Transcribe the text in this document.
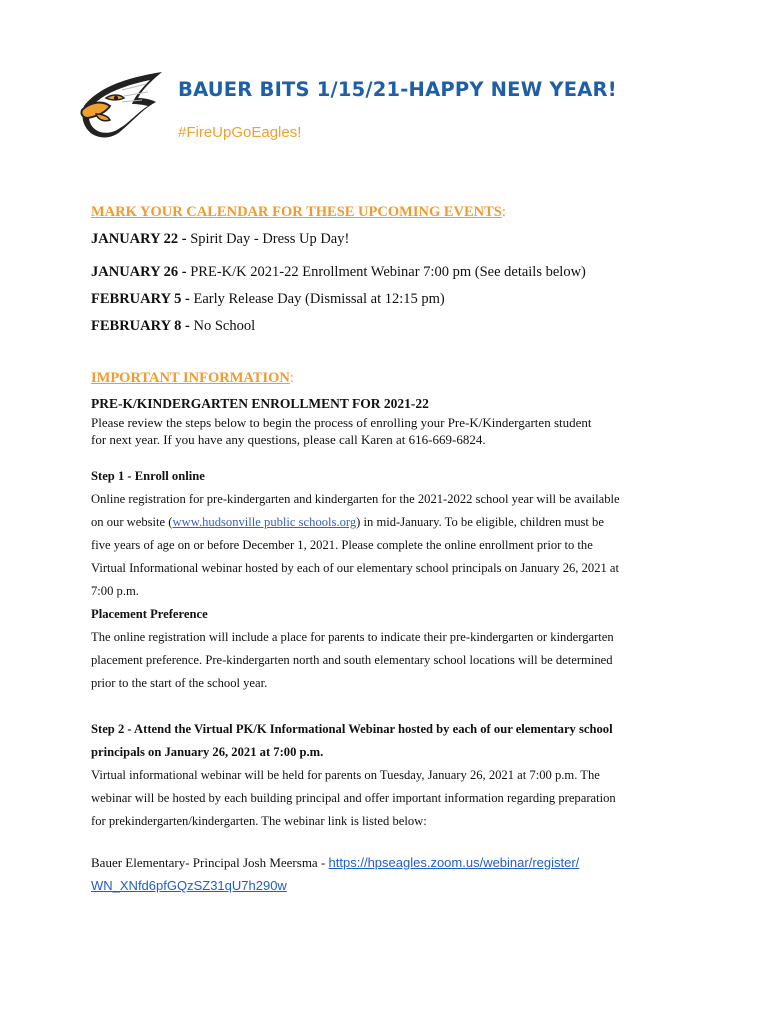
BAUER BITS 1/15/21-HAPPY NEW YEAR!
#FireUpGoEagles!

MARK YOUR CALENDAR FOR THESE UPCOMING EVENTS:

JANUARY 22 - Spirit Day - Dress Up Day!

JANUARY 26 - PRE-K/K 2021-22 Enrollment Webinar 7:00 pm (See details below)

FEBRUARY 5 - Early Release Day (Dismissal at 12:15 pm)

FEBRUARY 8 - No School

IMPORTANT INFORMATION:

PRE-K/KINDERGARTEN ENROLLMENT FOR 2021-22

Please review the steps below to begin the process of enrolling your Pre-K/Kindergarten student

for next year. If you have any questions, please call Karen at 616-669-6824.

Step 1 - Enroll online

Online registration for pre-kindergarten and kindergarten for the 2021-2022 school year will be available

on our website (www.hudsonville public schools.org) in mid-January. To be eligible, children must be

five years of age on or before December 1, 2021. Please complete the online enrollment prior to the

Virtual Informational webinar hosted by each of our elementary school principals on January 26, 2021 at

7:00 p.m.

Placement Preference

The online registration will include a place for parents to indicate their pre-kindergarten or kindergarten

placement preference. Pre-kindergarten north and south elementary school locations will be determined

prior to the start of the school year.

Step 2 - Attend the Virtual PK/K Informational Webinar hosted by each of our elementary school

principals on January 26, 2021 at 7:00 p.m.

Virtual informational webinar will be held for parents on Tuesday, January 26, 2021 at 7:00 p.m. The

webinar will be hosted by each building principal and offer important information regarding preparation

for prekindergarten/kindergarten. The webinar link is listed below:

Bauer Elementary- Principal Josh Meersma - https://hpseagles.zoom.us/webinar/register/

WN_XNfd6pfGQzSZ31qU7h290w
